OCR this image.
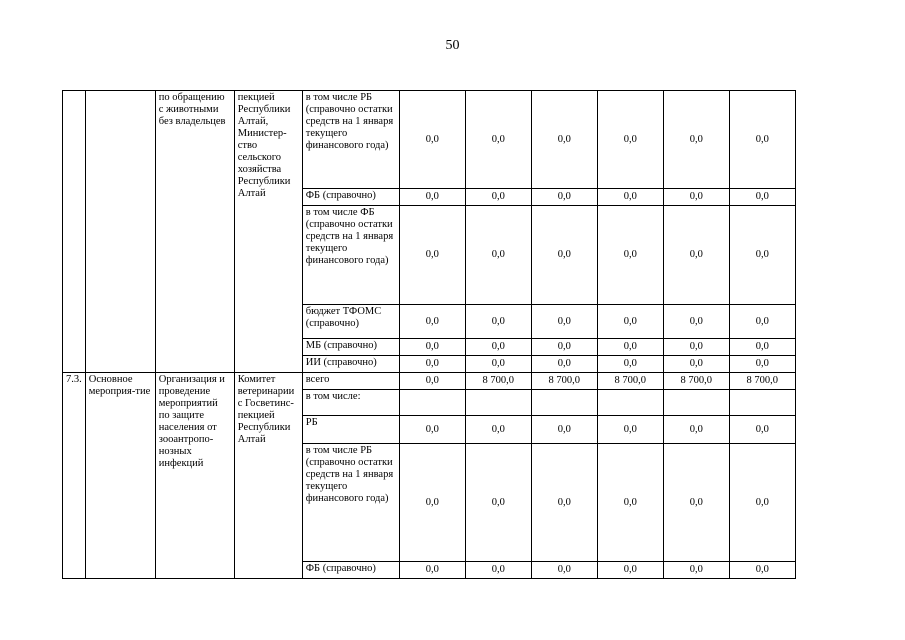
50
		по обращению с животными без владельцев	пекцией Республики Алтай, Министер-ство сельского хозяйства Республики Алтай	в том числе РБ (справочно остатки средств на 1 января текущего финансового года)	0,0	0,0	0,0	0,0	0,0	0,0
				ФБ (справочно)	0,0	0,0	0,0	0,0	0,0	0,0
				в том числе ФБ (справочно остатки средств на 1 января текущего финансового года)	0,0	0,0	0,0	0,0	0,0	0,0
				бюджет ТФОМС (справочно)	0,0	0,0	0,0	0,0	0,0	0,0
				МБ (справочно)	0,0	0,0	0,0	0,0	0,0	0,0
				ИИ (справочно)	0,0	0,0	0,0	0,0	0,0	0,0
7.3.	Основное мероприя-тие	Организация и проведение мероприятий по защите населения от зооантропо-нозных инфекций	Комитет ветеринарии с Госветинс-пекцией Республики Алтай	всего	0,0	8 700,0	8 700,0	8 700,0	8 700,0	8 700,0
				в том числе:						
				РБ	0,0	0,0	0,0	0,0	0,0	0,0
				в том числе РБ (справочно остатки средств на 1 января текущего финансового года)	0,0	0,0	0,0	0,0	0,0	0,0
				ФБ (справочно)	0,0	0,0	0,0	0,0	0,0	0,0
